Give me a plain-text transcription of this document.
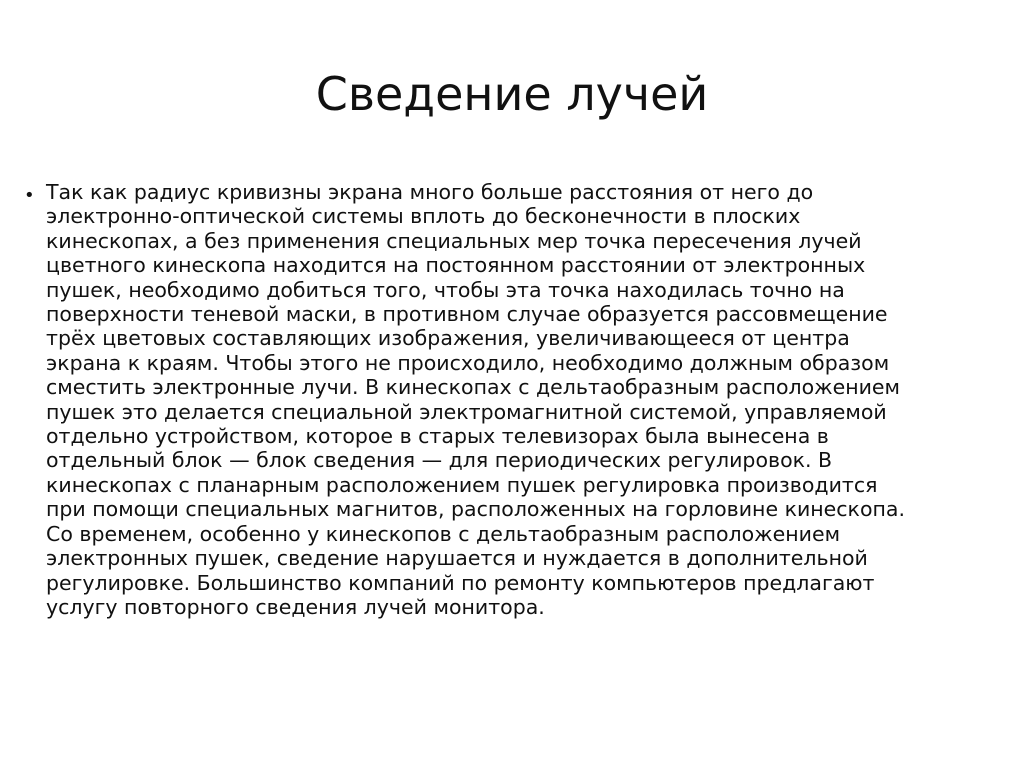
Сведение лучей
• Так как радиус кривизны экрана много больше расстояния от него до
электронно-оптической системы вплоть до бесконечности в плоских
кинескопах, а без применения специальных мер точка пересечения лучей
цветного кинескопа находится на постоянном расстоянии от электронных
пушек, необходимо добиться того, чтобы эта точка находилась точно на
поверхности теневой маски, в противном случае образуется рассовмещение
трёх цветовых составляющих изображения, увеличивающееся от центра
экрана к краям. Чтобы этого не происходило, необходимо должным образом
сместить электронные лучи. В кинескопах с дельтаобразным расположением
пушек это делается специальной электромагнитной системой, управляемой
отдельно устройством, которое в старых телевизорах была вынесена в
отдельный блок — блок сведения — для периодических регулировок. В
кинескопах с планарным расположением пушек регулировка производится
при помощи специальных магнитов, расположенных на горловине кинескопа.
Со временем, особенно у кинескопов с дельтаобразным расположением
электронных пушек, сведение нарушается и нуждается в дополнительной
регулировке. Большинство компаний по ремонту компьютеров предлагают
услугу повторного сведения лучей монитора.
